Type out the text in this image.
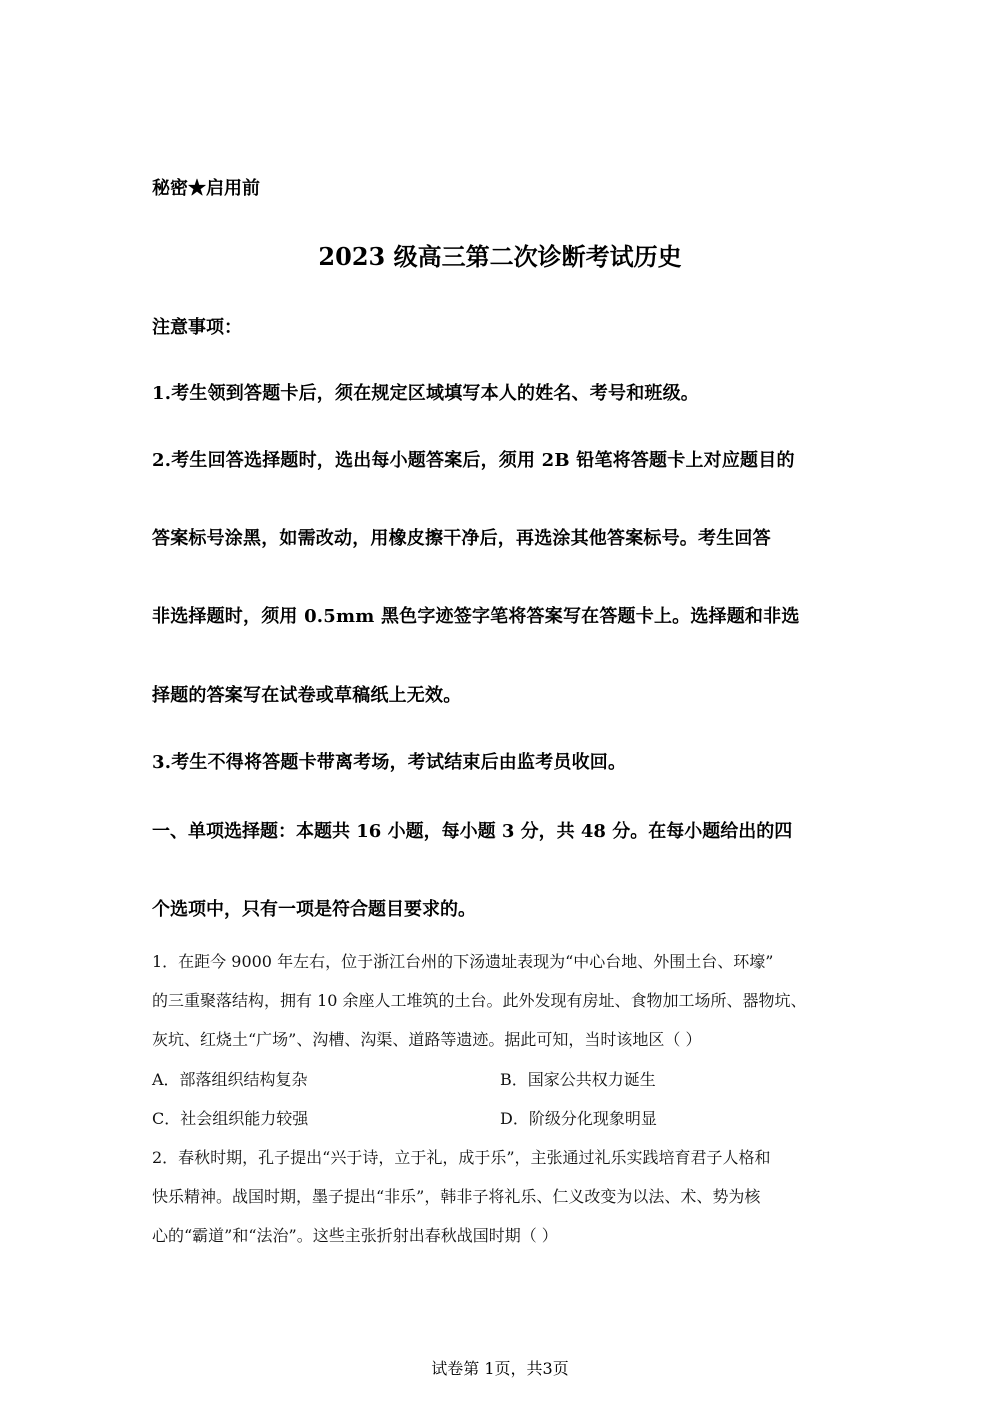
秘密★启用前
2023 级高三第二次诊断考试历史
注意事项：
1.考生领到答题卡后，须在规定区域填写本人的姓名、考号和班级。
2.考生回答选择题时，选出每小题答案后，须用 2B 铅笔将答题卡上对应题目的
答案标号涂黑，如需改动，用橡皮擦干净后，再选涂其他答案标号。考生回答
非选择题时，须用 0.5mm 黑色字迹签字笔将答案写在答题卡上。选择题和非选
择题的答案写在试卷或草稿纸上无效。
3.考生不得将答题卡带离考场，考试结束后由监考员收回。
一、单项选择题：本题共 16 小题，每小题 3 分，共 48 分。在每小题给出的四
个选项中，只有一项是符合题目要求的。
1．在距今 9000 年左右，位于浙江台州的下汤遗址表现为“中心台地、外围土台、环壕”
的三重聚落结构，拥有 10 余座人工堆筑的土台。此外发现有房址、食物加工场所、器物坑、
灰坑、红烧土“广场”、沟槽、沟渠、道路等遗迹。据此可知，当时该地区（ ）
A．部落组织结构复杂	B．国家公共权力诞生
C．社会组织能力较强	D．阶级分化现象明显
2．春秋时期，孔子提出“兴于诗，立于礼，成于乐”，主张通过礼乐实践培育君子人格和
快乐精神。战国时期，墨子提出“非乐”，韩非子将礼乐、仁义改变为以法、术、势为核
心的“霸道”和“法治”。这些主张折射出春秋战国时期（ ）
试卷第 1页，共3页
